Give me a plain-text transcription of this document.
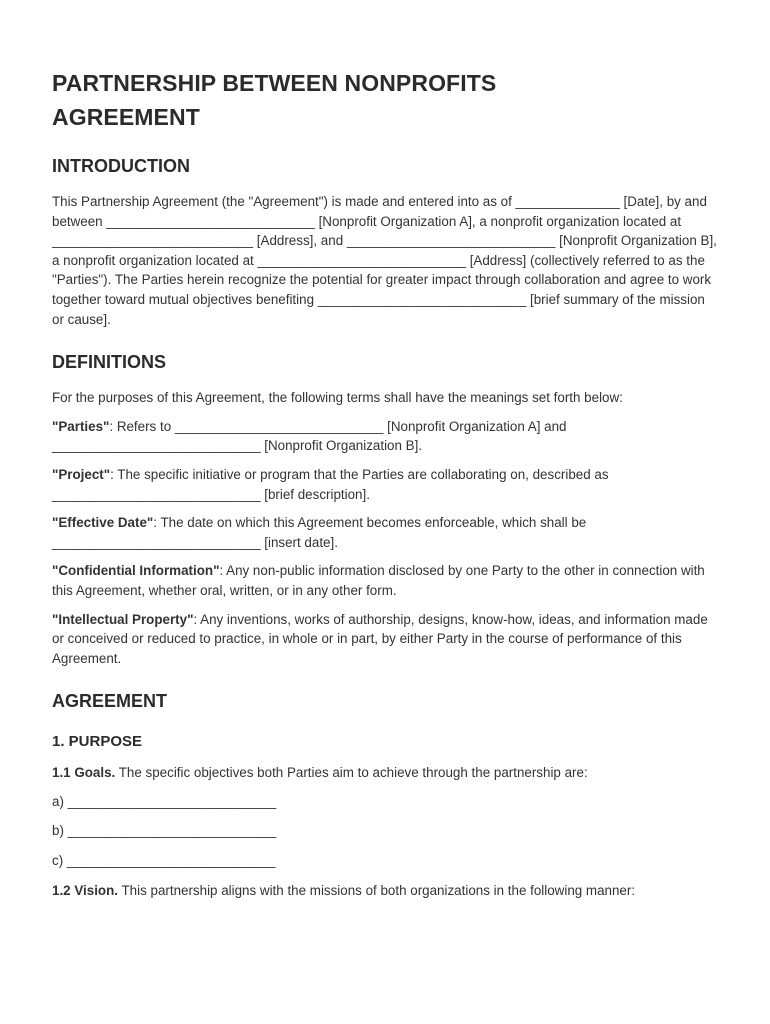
PARTNERSHIP BETWEEN NONPROFITS
AGREEMENT
INTRODUCTION
This Partnership Agreement (the "Agreement") is made and entered into as of ______________ [Date], by and between ____________________________ [Nonprofit Organization A], a nonprofit organization located at ___________________________ [Address], and ____________________________ [Nonprofit Organization B], a nonprofit organization located at ____________________________ [Address] (collectively referred to as the "Parties"). The Parties herein recognize the potential for greater impact through collaboration and agree to work together toward mutual objectives benefiting ____________________________ [brief summary of the mission or cause].
DEFINITIONS
For the purposes of this Agreement, the following terms shall have the meanings set forth below:
"Parties": Refers to ____________________________ [Nonprofit Organization A] and ____________________________ [Nonprofit Organization B].
"Project": The specific initiative or program that the Parties are collaborating on, described as ____________________________ [brief description].
"Effective Date": The date on which this Agreement becomes enforceable, which shall be ____________________________ [insert date].
"Confidential Information": Any non-public information disclosed by one Party to the other in connection with this Agreement, whether oral, written, or in any other form.
"Intellectual Property": Any inventions, works of authorship, designs, know-how, ideas, and information made or conceived or reduced to practice, in whole or in part, by either Party in the course of performance of this Agreement.
AGREEMENT
1. PURPOSE
1.1 Goals. The specific objectives both Parties aim to achieve through the partnership are:
a) ____________________________
b) ____________________________
c) ____________________________
1.2 Vision. This partnership aligns with the missions of both organizations in the following manner:
